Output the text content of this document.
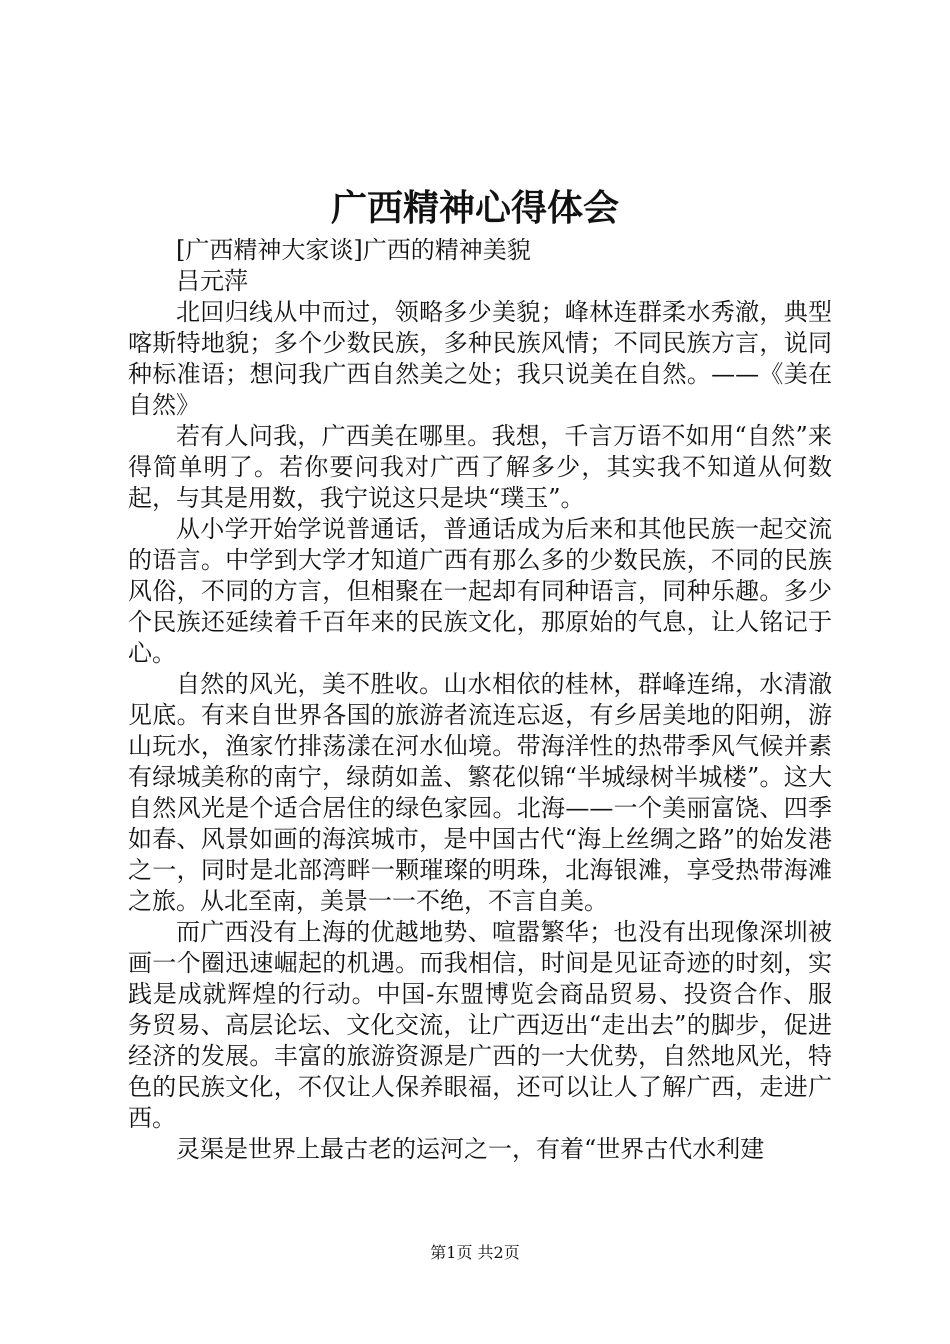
广西精神心得体会

[广西精神大家谈]广西的精神美貌

吕元萍

北回归线从中而过，领略多少美貌；峰林连群柔水秀澈，典型喀斯特地貌；多个少数民族，多种民族风情；不同民族方言，说同种标准语；想问我广西自然美之处；我只说美在自然。——《美在自然》

若有人问我，广西美在哪里。我想，千言万语不如用“自然”来得简单明了。若你要问我对广西了解多少，其实我不知道从何数起，与其是用数，我宁说这只是块“璞玉”。

从小学开始学说普通话，普通话成为后来和其他民族一起交流的语言。中学到大学才知道广西有那么多的少数民族，不同的民族风俗，不同的方言，但相聚在一起却有同种语言，同种乐趣。多少个民族还延续着千百年来的民族文化，那原始的气息，让人铭记于心。

自然的风光，美不胜收。山水相依的桂林，群峰连绵，水清澈见底。有来自世界各国的旅游者流连忘返，有乡居美地的阳朔，游山玩水，渔家竹排荡漾在河水仙境。带海洋性的热带季风气候并素有绿城美称的南宁，绿荫如盖、繁花似锦“半城绿树半城楼”。这大自然风光是个适合居住的绿色家园。北海——一个美丽富饶、四季如春、风景如画的海滨城市，是中国古代“海上丝绸之路”的始发港之一，同时是北部湾畔一颗璀璨的明珠，北海银滩，享受热带海滩之旅。从北至南，美景一一不绝，不言自美。

而广西没有上海的优越地势、喧嚣繁华；也没有出现像深圳被画一个圈迅速崛起的机遇。而我相信，时间是见证奇迹的时刻，实践是成就辉煌的行动。中国-东盟博览会商品贸易、投资合作、服务贸易、高层论坛、文化交流，让广西迈出“走出去”的脚步，促进经济的发展。丰富的旅游资源是广西的一大优势，自然地风光，特色的民族文化，不仅让人保养眼福，还可以让人了解广西，走进广西。

灵渠是世界上最古老的运河之一，有着“世界古代水利建

第1页 共2页
